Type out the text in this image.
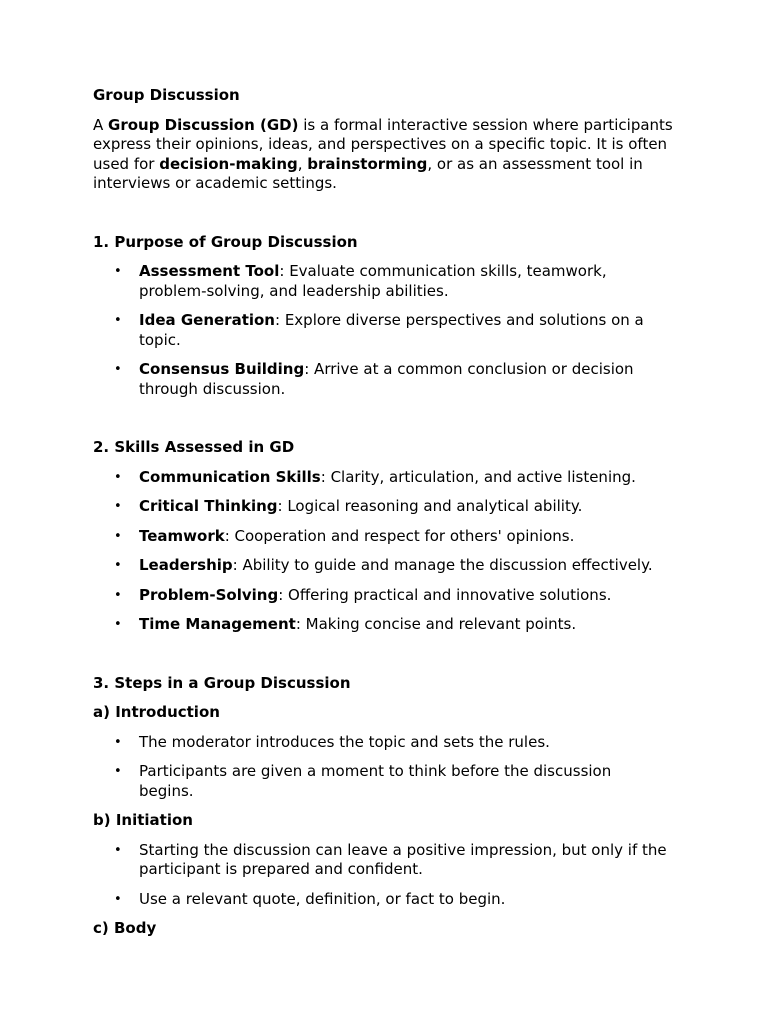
Group Discussion

A Group Discussion (GD) is a formal interactive session where participants express their opinions, ideas, and perspectives on a specific topic. It is often used for decision-making, brainstorming, or as an assessment tool in interviews or academic settings.

1. Purpose of Group Discussion

• Assessment Tool: Evaluate communication skills, teamwork, problem-solving, and leadership abilities.
• Idea Generation: Explore diverse perspectives and solutions on a topic.
• Consensus Building: Arrive at a common conclusion or decision through discussion.

2. Skills Assessed in GD

• Communication Skills: Clarity, articulation, and active listening.
• Critical Thinking: Logical reasoning and analytical ability.
• Teamwork: Cooperation and respect for others' opinions.
• Leadership: Ability to guide and manage the discussion effectively.
• Problem-Solving: Offering practical and innovative solutions.
• Time Management: Making concise and relevant points.

3. Steps in a Group Discussion

a) Introduction

• The moderator introduces the topic and sets the rules.
• Participants are given a moment to think before the discussion begins.

b) Initiation

• Starting the discussion can leave a positive impression, but only if the participant is prepared and confident.
• Use a relevant quote, definition, or fact to begin.

c) Body
